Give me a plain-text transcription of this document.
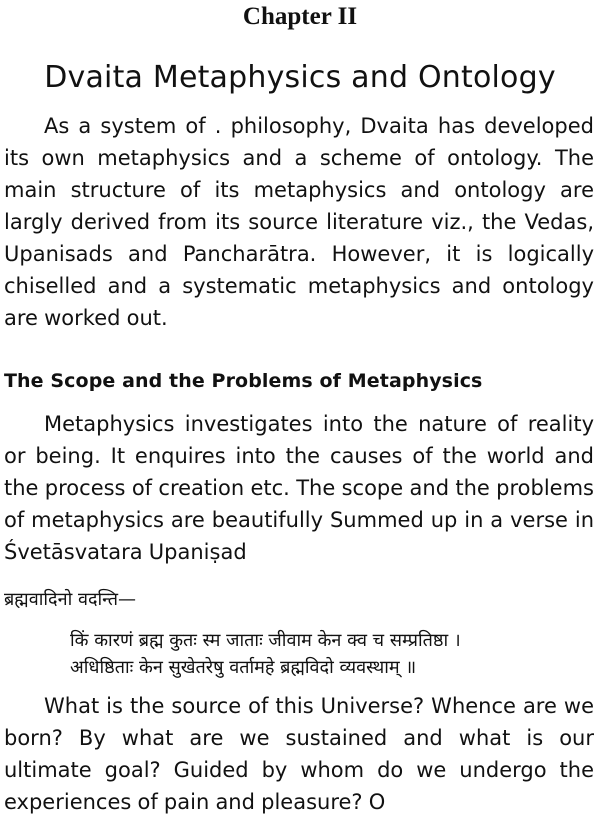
Chapter II
Dvaita Metaphysics and Ontology
As a system of . philosophy, Dvaita has developed its own metaphysics and a scheme of ontology. The main structure of its metaphysics and ontology are largly derived from its source literature viz., the Vedas, Upanisads and Pancharātra. However, it is logically chiselled and a systematic metaphysics and ontology are worked out.
The Scope and the Problems of Metaphysics
Metaphysics investigates into the nature of reality or being. It enquires into the causes of the world and the process of creation etc. The scope and the problems of metaphysics are beautifully Summed up in a verse in Śvetāsvatara Upaniṣad
ब्रह्मवादिनो वदन्ति—
किं कारणं ब्रह्म कुतः स्म जाताः जीवाम केन क्व च सम्प्रतिष्ठा ।
अधिष्ठिताः केन सुखेतरेषु वर्तामहे ब्रह्मविदो व्यवस्थाम् ॥
What is the source of this Universe? Whence are we born? By what are we sustained and what is our ultimate goal? Guided by whom do we undergo the experiences of pain and pleasure? O
